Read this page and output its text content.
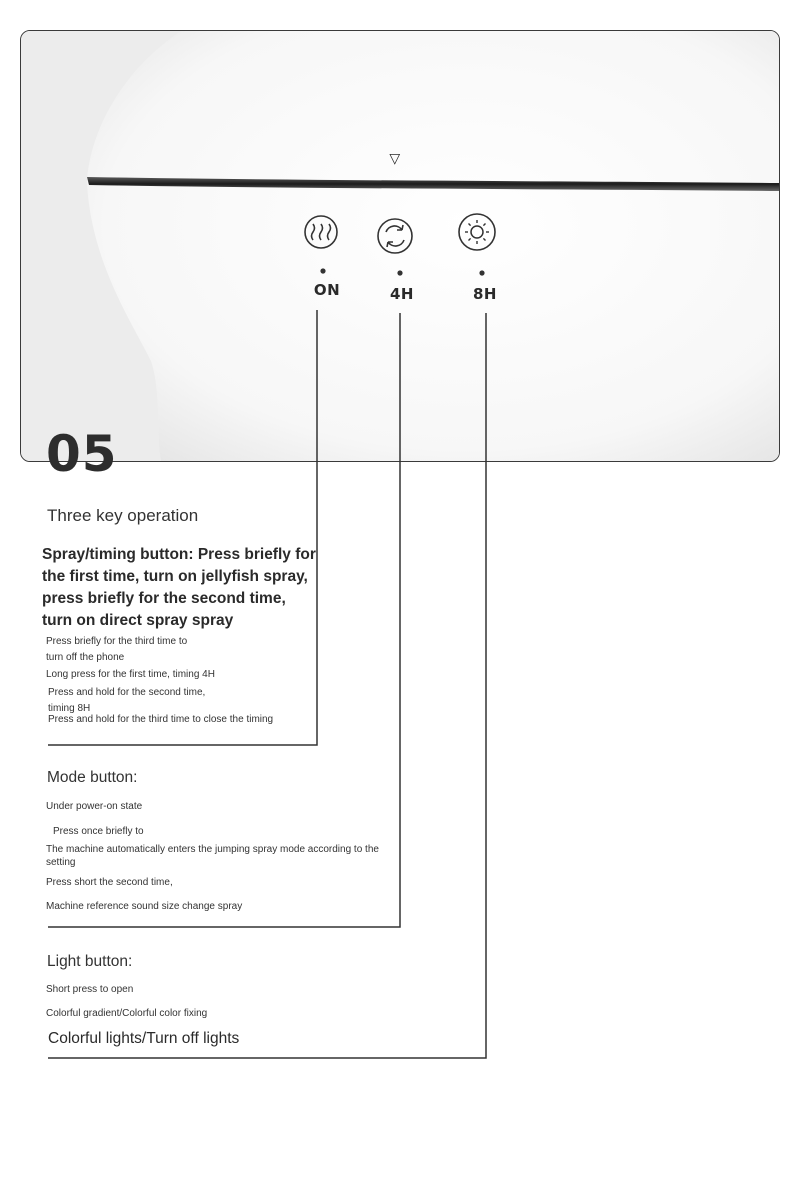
▽
ON	4H	8H
05

Three key operation

Spray/timing button: Press briefly for the first time, turn on jellyfish spray, press briefly for the second time, turn on direct spray spray

Press briefly for the third time to

turn off the phone

Long press for the first time, timing 4H

Press and hold for the second time,

timing 8H

Press and hold for the third time to close the timing

Mode button:

Under power-on state

Press once briefly to

The machine automatically enters the jumping spray mode according to the setting

Press short the second time,

Machine reference sound size change spray

Light button:

Short press to open

Colorful gradient/Colorful color fixing

Colorful lights/Turn off lights
